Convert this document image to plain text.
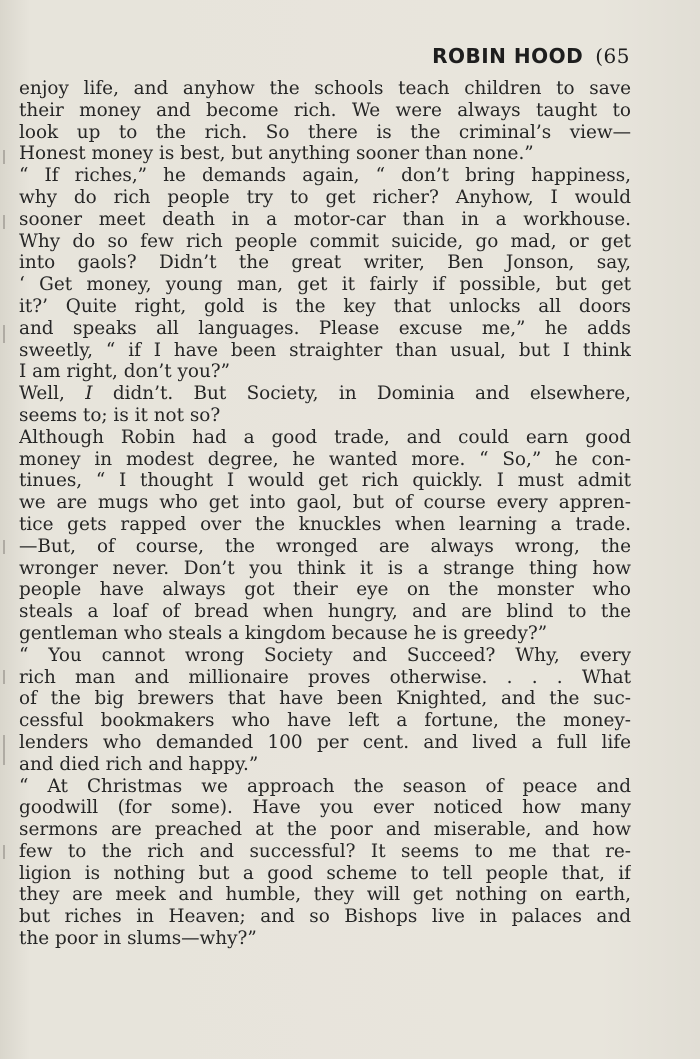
ROBIN HOOD (65
enjoy life, and anyhow the schools teach children to save
their money and become rich. We were always taught to
look up to the rich. So there is the criminal’s view—
Honest money is best, but anything sooner than none.”
“ If riches,” he demands again, “ don’t bring happiness,
why do rich people try to get richer? Anyhow, I would
sooner meet death in a motor-car than in a workhouse.
Why do so few rich people commit suicide, go mad, or get
into gaols? Didn’t the great writer, Ben Jonson, say,
‘ Get money, young man, get it fairly if possible, but get
it?’ Quite right, gold is the key that unlocks all doors
and speaks all languages. Please excuse me,” he adds
sweetly, “ if I have been straighter than usual, but I think
I am right, don’t you?”
Well, I didn’t. But Society, in Dominia and elsewhere,
seems to; is it not so?
Although Robin had a good trade, and could earn good
money in modest degree, he wanted more. “ So,” he con-
tinues, “ I thought I would get rich quickly. I must admit
we are mugs who get into gaol, but of course every appren-
tice gets rapped over the knuckles when learning a trade.
—But, of course, the wronged are always wrong, the
wronger never. Don’t you think it is a strange thing how
people have always got their eye on the monster who
steals a loaf of bread when hungry, and are blind to the
gentleman who steals a kingdom because he is greedy?”
“ You cannot wrong Society and Succeed? Why, every
rich man and millionaire proves otherwise. . . . What
of the big brewers that have been Knighted, and the suc-
cessful bookmakers who have left a fortune, the money-
lenders who demanded 100 per cent. and lived a full life
and died rich and happy.”
“ At Christmas we approach the season of peace and
goodwill (for some). Have you ever noticed how many
sermons are preached at the poor and miserable, and how
few to the rich and successful? It seems to me that re-
ligion is nothing but a good scheme to tell people that, if
they are meek and humble, they will get nothing on earth,
but riches in Heaven; and so Bishops live in palaces and
the poor in slums—why?”
